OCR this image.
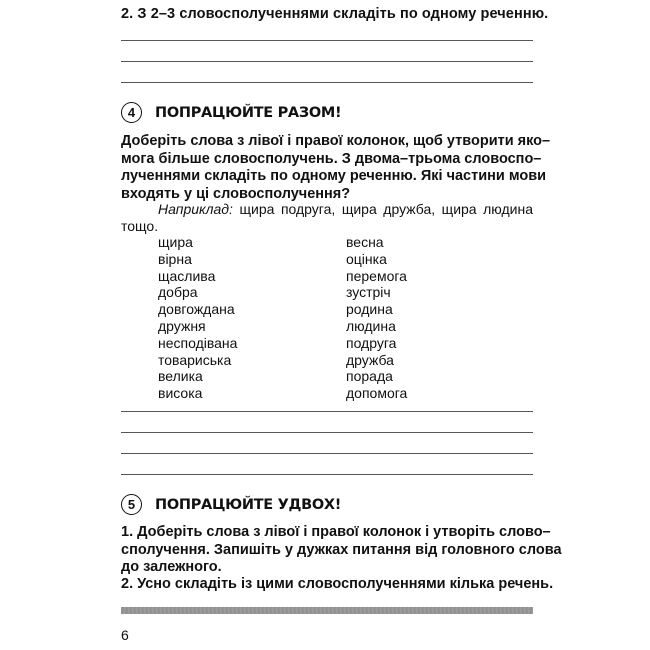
2. З 2–3 словосполученнями складіть по одному реченню.
4	ПОПРАЦЮЙТЕ РАЗОМ!
Доберіть слова з лівої і правої колонок, щоб утворити яко–
мога більше словосполучень. З двома–трьома словоспо–
лученнями складіть по одному реченню. Які частини мови
входять у ці словосполучення?
Наприклад: щира подруга, щира дружба, щира людина
тощо.
щира
вірна
щаслива
добра
довгождана
дружня
несподівана
товариська
велика
висока
весна
оцінка
перемога
зустріч
родина
людина
подруга
дружба
порада
допомога
5	ПОПРАЦЮЙТЕ УДВОХ!
1. Доберіть слова з лівої і правої колонок і утворіть слово–
сполучення. Запишіть у дужках питання від головного слова
до залежного.
2. Усно складіть із цими словосполученнями кілька речень.
6
